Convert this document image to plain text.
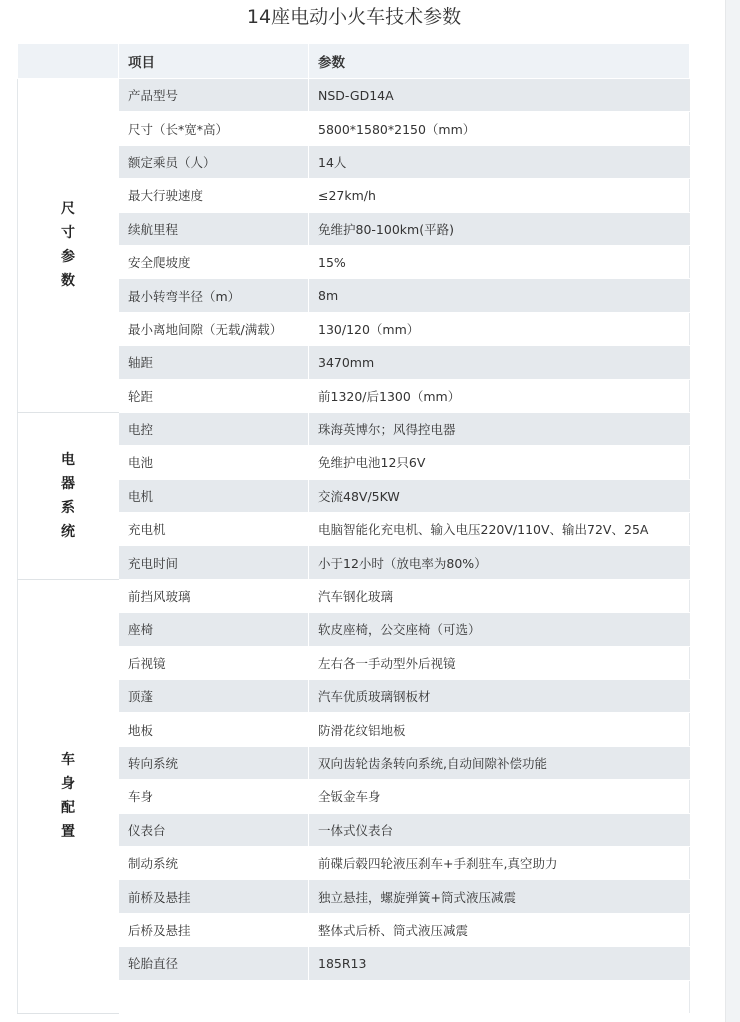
14座电动小火车技术参数
	项目	参数
尺寸参数	产品型号	NSD-GD14A
	尺寸（长*宽*高）	5800*1580*2150（mm）
	额定乘员（人）	14人
	最大行驶速度	≤27km/h
	续航里程	免维护80-100km(平路)
	安全爬坡度	15%
	最小转弯半径（m）	8m
	最小离地间隙（无载/满载）	130/120（mm）
	轴距	3470mm
	轮距	前1320/后1300（mm）
电器系统	电控	珠海英博尔；风得控电器
	电池	免维护电池12只6V
	电机	交流48V/5KW
	充电机	电脑智能化充电机、输入电压220V/110V、输出72V、25A
	充电时间	小于12小时（放电率为80%）
车身配置	前挡风玻璃	汽车钢化玻璃
	座椅	软皮座椅，公交座椅（可选）
	后视镜	左右各一手动型外后视镜
	顶蓬	汽车优质玻璃钢板材
	地板	防滑花纹铝地板
	转向系统	双向齿轮齿条转向系统,自动间隙补偿功能
	车身	全钣金车身
	仪表台	一体式仪表台
	制动系统	前碟后毂四轮液压刹车+手刹驻车,真空助力
	前桥及悬挂	独立悬挂，螺旋弹簧+筒式液压减震
	后桥及悬挂	整体式后桥、筒式液压减震
	轮胎直径	185R13
